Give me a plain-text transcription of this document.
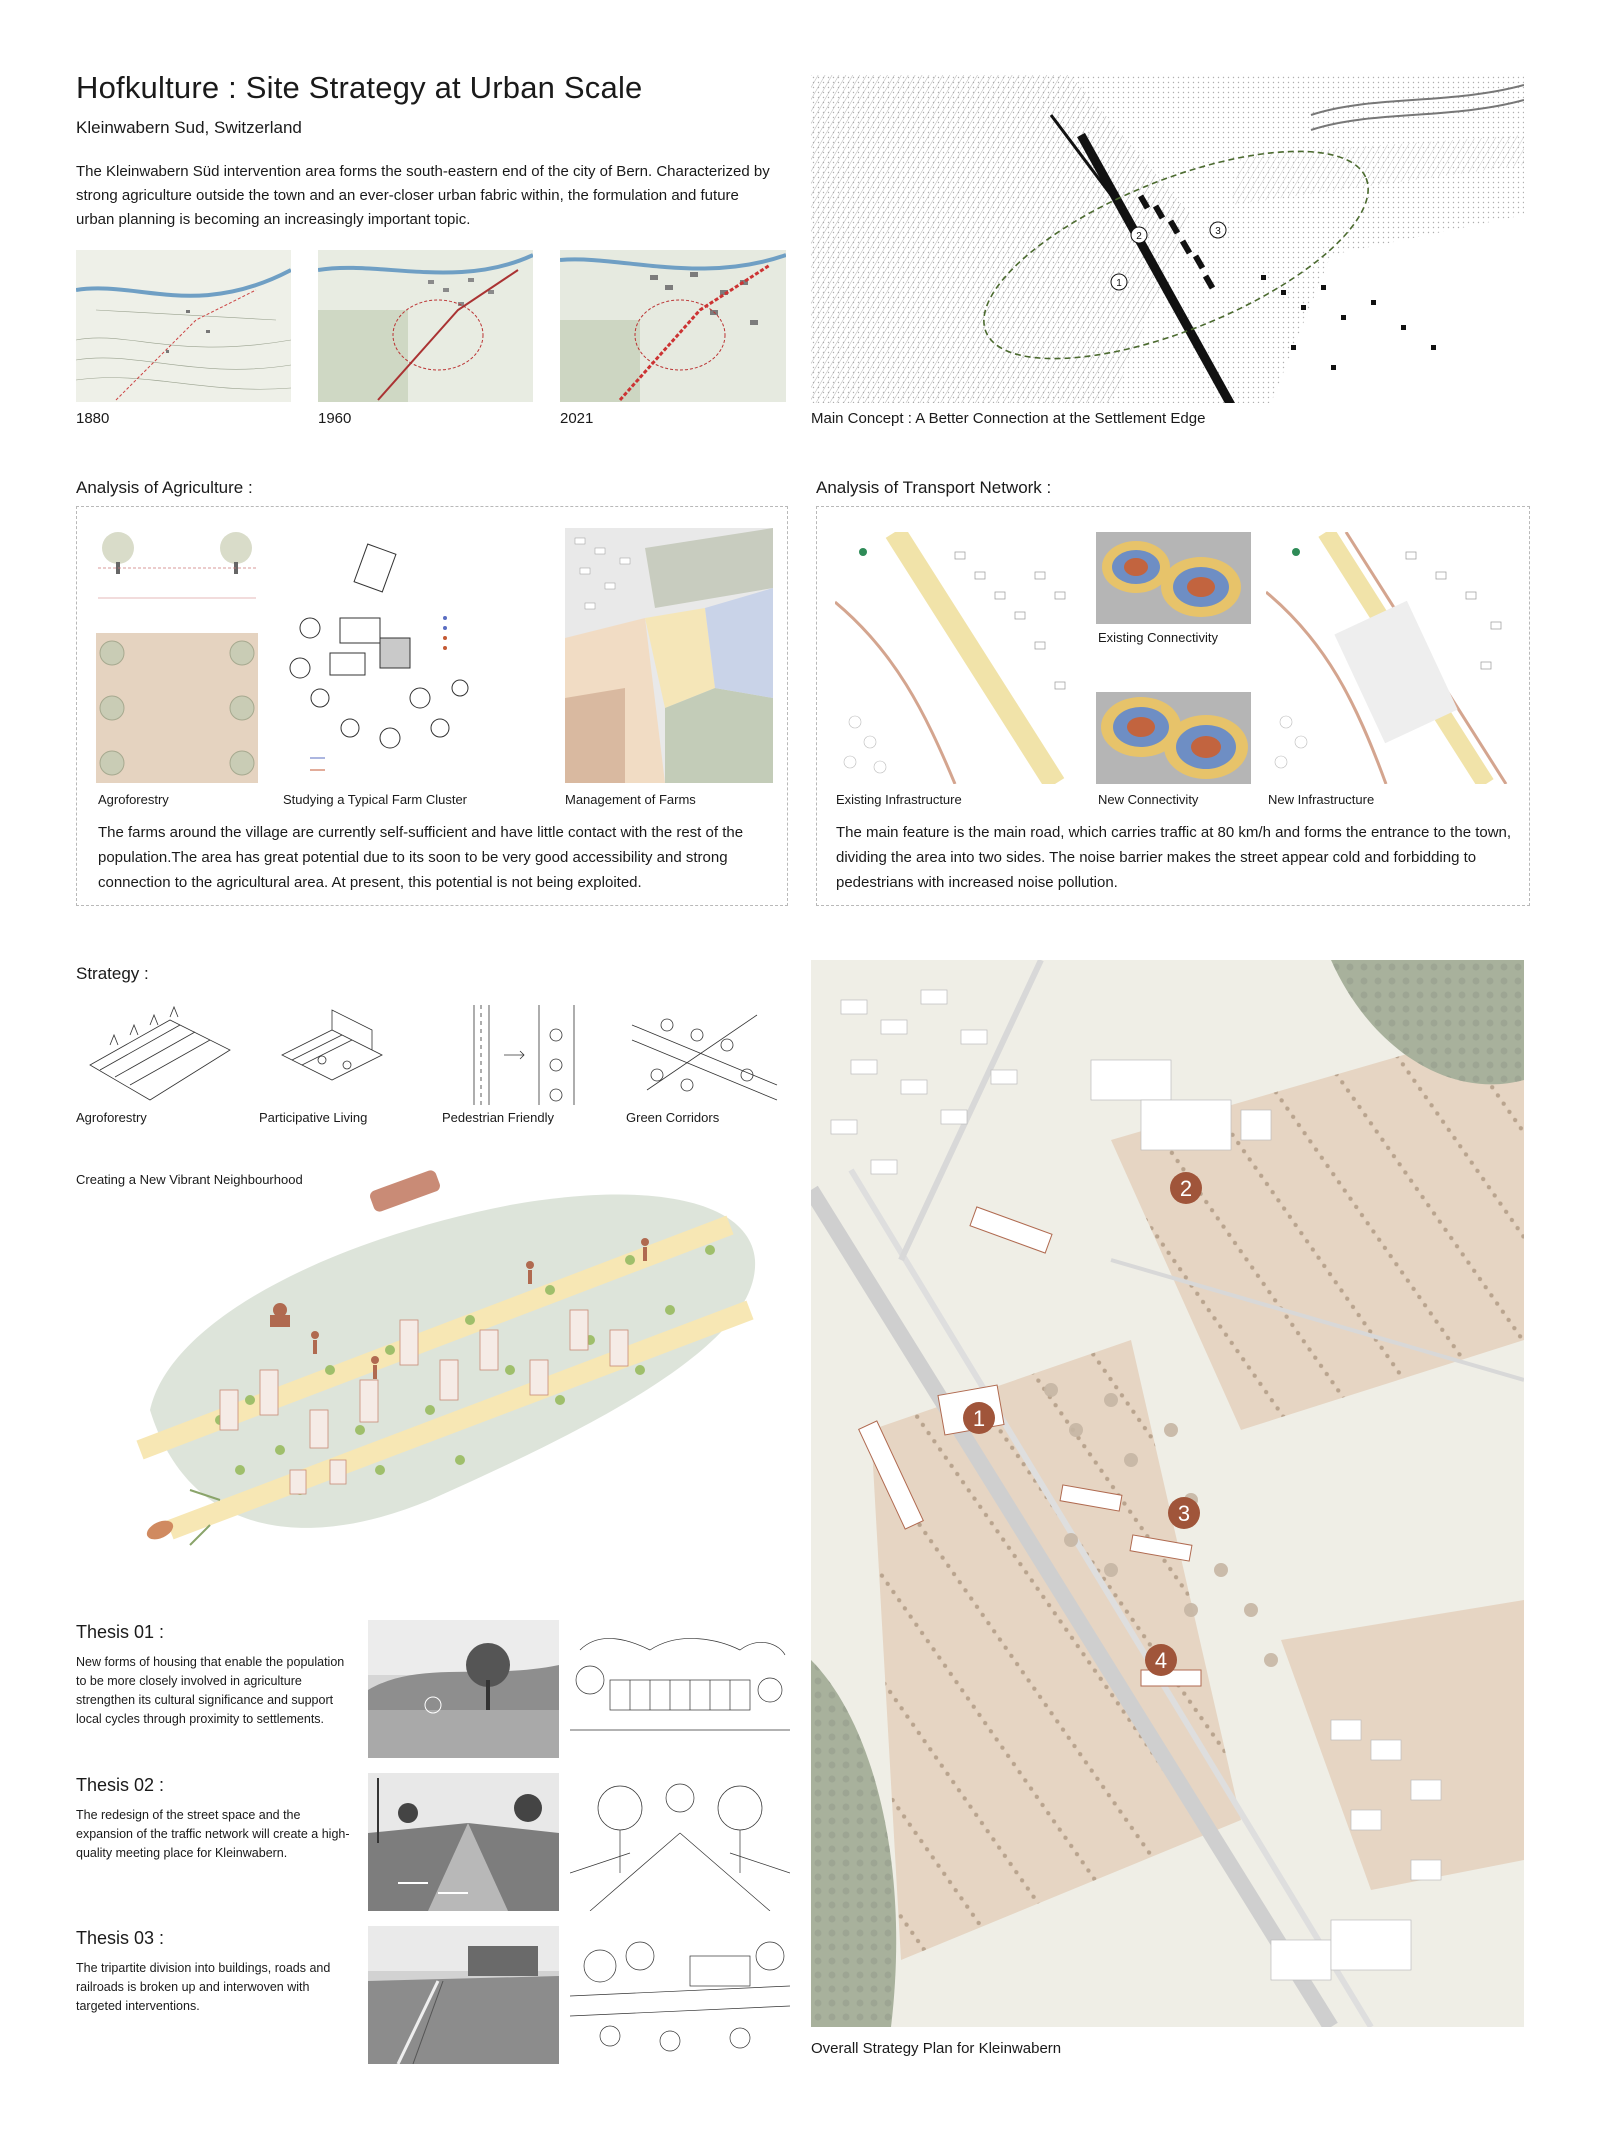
Hofkulture : Site Strategy at Urban Scale
Kleinwabern Sud, Switzerland
The Kleinwabern Süd intervention area forms the south-eastern end of the city of Bern. Characterized by strong agriculture outside the town and an ever-closer urban fabric within, the formulation and future urban planning is becoming an increasingly important topic.
1880	1960	2021
1
2	3
Main Concept : A Better Connection at the Settlement Edge
Analysis of Agriculture :
Agroforestry	Studying a Typical Farm Cluster	Management of Farms
The farms around the village are currently self-sufficient and have little contact with the rest of the population.The area has great potential due to its soon to be very good accessibility and strong connection to the agricultural area. At present, this potential is not being exploited.
Analysis of Transport Network :
Existing Connectivity
Existing Infrastructure	New Connectivity	New Infrastructure
The main feature is the main road, which carries traffic at 80 km/h and forms the entrance to the town, dividing the area into two sides. The noise barrier makes the street appear cold and forbidding to pedestrians with increased noise pollution.
Strategy :
Agroforestry	Participative Living	Pedestrian Friendly	Green Corridors
Creating a New Vibrant Neighbourhood
Thesis 01 :
New forms of housing that enable the population to be more closely involved in agriculture strengthen its cultural significance and support local cycles through proximity to settlements.
Thesis 02 :
The redesign of the street space and the expansion of the traffic network will create a high-quality meeting place for Kleinwabern.
Thesis 03 :
The tripartite division into buildings, roads and railroads is broken up and interwoven with targeted interventions.
1
2
3
4
Overall Strategy Plan for Kleinwabern
